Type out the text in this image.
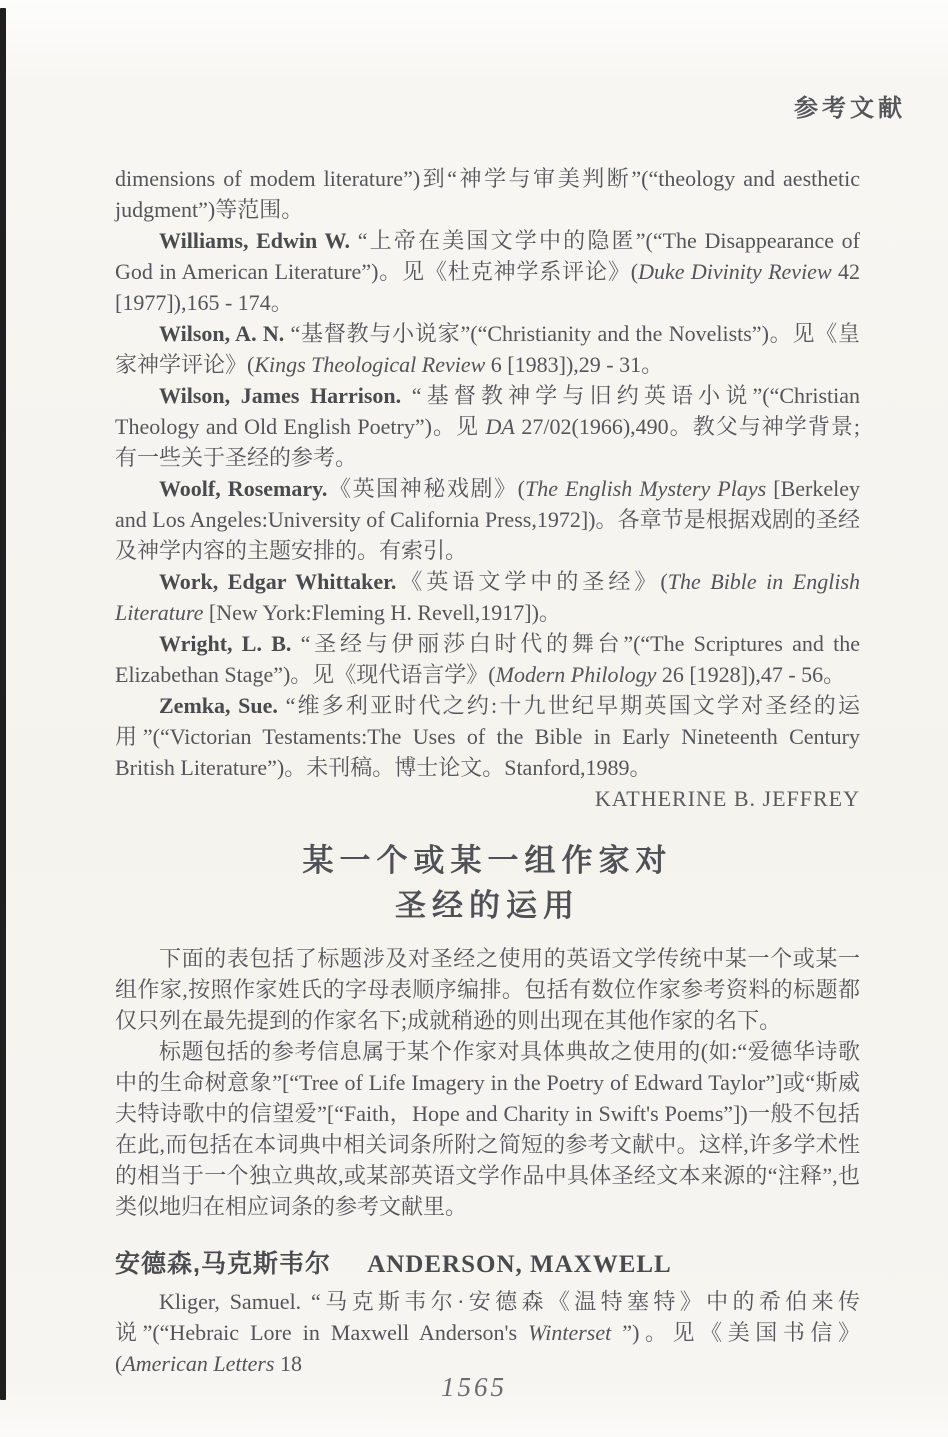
参考文献

dimensions of modem literature”)到“神学与审美判断”(“theology and aesthetic judgment”)等范围。

Williams, Edwin W. “上帝在美国文学中的隐匿”(“The Disappearance of God in American Literature”)。见《杜克神学系评论》(Duke Divinity Review 42 [1977]),165 - 174。

Wilson, A. N. “基督教与小说家”(“Christianity and the Novelists”)。见《皇家神学评论》(Kings Theological Review 6 [1983]),29 - 31。

Wilson, James Harrison. “基督教神学与旧约英语小说”(“Christian Theology and Old English Poetry”)。见 DA 27/02(1966),490。教父与神学背景;有一些关于圣经的参考。

Woolf, Rosemary.《英国神秘戏剧》(The English Mystery Plays [Berkeley and Los Angeles:University of California Press,1972])。各章节是根据戏剧的圣经及神学内容的主题安排的。有索引。

Work, Edgar Whittaker.《英语文学中的圣经》(The Bible in English Literature [New York:Fleming H. Revell,1917])。

Wright, L. B. “圣经与伊丽莎白时代的舞台”(“The Scriptures and the Elizabethan Stage”)。见《现代语言学》(Modern Philology 26 [1928]),47 - 56。

Zemka, Sue. “维多利亚时代之约:十九世纪早期英国文学对圣经的运用”(“Victorian Testaments:The Uses of the Bible in Early Nineteenth Century British Literature”)。未刊稿。博士论文。Stanford,1989。

KATHERINE B. JEFFREY

某一个或某一组作家对
圣经的运用

下面的表包括了标题涉及对圣经之使用的英语文学传统中某一个或某一组作家,按照作家姓氏的字母表顺序编排。包括有数位作家参考资料的标题都仅只列在最先提到的作家名下;成就稍逊的则出现在其他作家的名下。

标题包括的参考信息属于某个作家对具体典故之使用的(如:“爱德华诗歌中的生命树意象”[“Tree of Life Imagery in the Poetry of Edward Taylor”]或“斯威夫特诗歌中的信望爱”[“Faith，Hope and Charity in Swift's Poems”])一般不包括在此,而包括在本词典中相关词条所附之简短的参考文献中。这样,许多学术性的相当于一个独立典故,或某部英语文学作品中具体圣经文本来源的“注释”,也类似地归在相应词条的参考文献里。

安德森,马克斯韦尔 ANDERSON, MAXWELL

Kliger, Samuel. “马克斯韦尔·安德森《温特塞特》中的希伯来传说”(“Hebraic Lore in Maxwell Anderson's Winterset ”)。见《美国书信》(American Letters 18

1565
